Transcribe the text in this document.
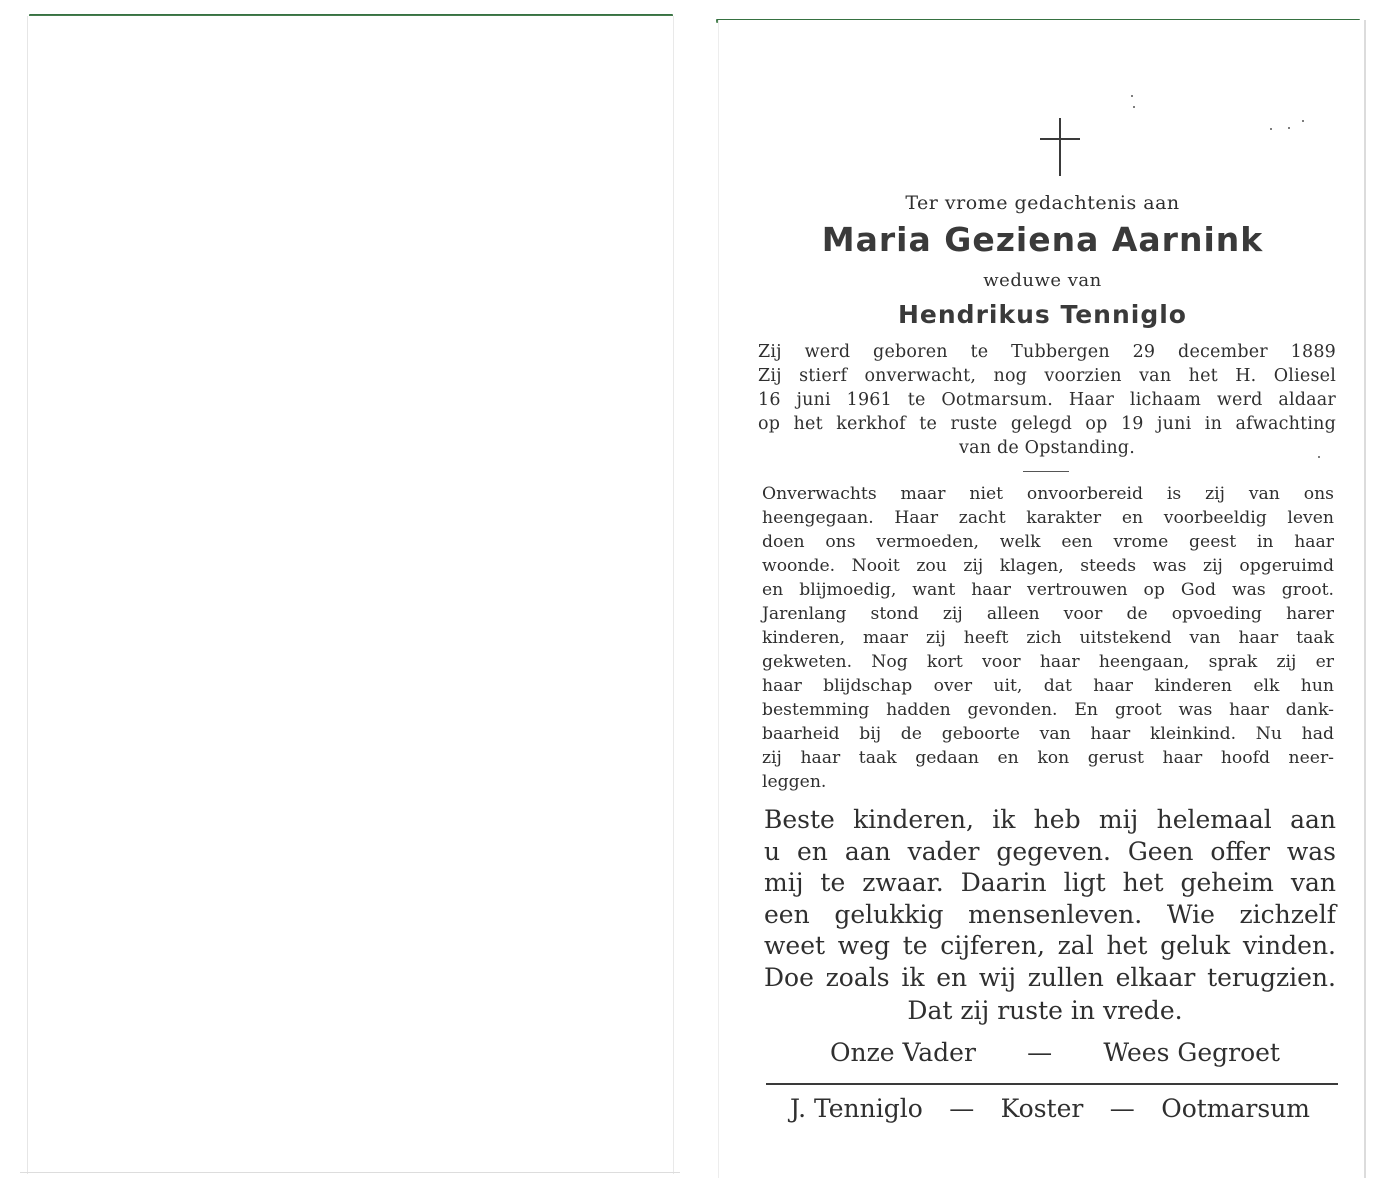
Ter vrome gedachtenis aan
Maria Geziena Aarnink
weduwe van
Hendrikus Tenniglo
Zij werd geboren te Tubbergen 29 december 1889
Zij stierf onverwacht, nog voorzien van het H. Oliesel
16 juni 1961 te Ootmarsum. Haar lichaam werd aldaar
op het kerkhof te ruste gelegd op 19 juni in afwachting
van de Opstanding.
Onverwachts maar niet onvoorbereid is zij van ons
heengegaan. Haar zacht karakter en voorbeeldig leven
doen ons vermoeden, welk een vrome geest in haar
woonde. Nooit zou zij klagen, steeds was zij opgeruimd
en blijmoedig, want haar vertrouwen op God was groot.
Jarenlang stond zij alleen voor de opvoeding harer
kinderen, maar zij heeft zich uitstekend van haar taak
gekweten. Nog kort voor haar heengaan, sprak zij er
haar blijdschap over uit, dat haar kinderen elk hun
bestemming hadden gevonden. En groot was haar dank-
baarheid bij de geboorte van haar kleinkind. Nu had
zij haar taak gedaan en kon gerust haar hoofd neer-
leggen.
Beste kinderen, ik heb mij helemaal aan
u en aan vader gegeven. Geen offer was
mij te zwaar. Daarin ligt het geheim van
een gelukkig mensenleven. Wie zichzelf
weet weg te cijferen, zal het geluk vinden.
Doe zoals ik en wij zullen elkaar terugzien.
Dat zij ruste in vrede.
Onze Vader — Wees Gegroet
J. Tenniglo — Koster — Ootmarsum
